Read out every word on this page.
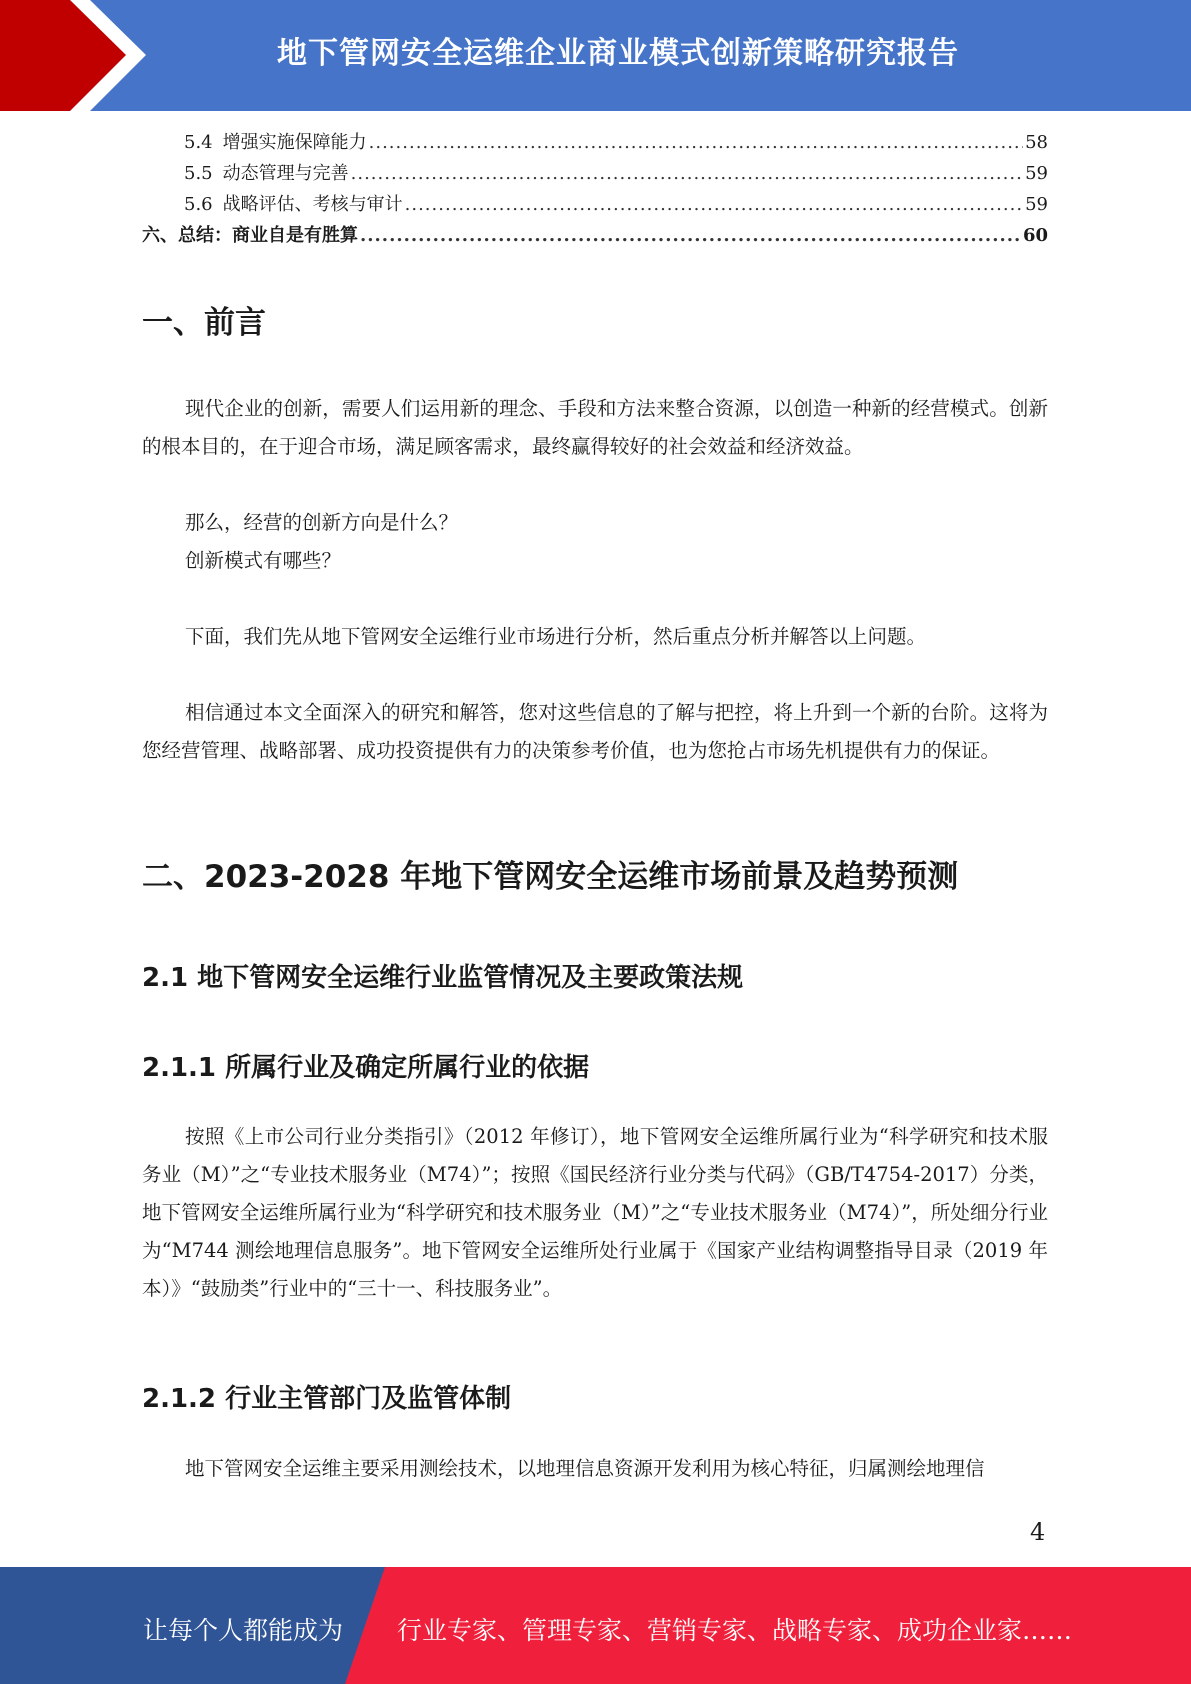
地下管网安全运维企业商业模式创新策略研究报告
5.4 增强实施保障能力 .....	58
5.5 动态管理与完善 .....	59
5.6 战略评估、考核与审计 .....	59
六、总结：商业自是有胜算 .....	60
一、前言
现代企业的创新，需要人们运用新的理念、手段和方法来整合资源，以创造一种新的经营模式。创新的根本目的，在于迎合市场，满足顾客需求，最终赢得较好的社会效益和经济效益。
那么，经营的创新方向是什么？
创新模式有哪些？
下面，我们先从地下管网安全运维行业市场进行分析，然后重点分析并解答以上问题。
相信通过本文全面深入的研究和解答，您对这些信息的了解与把控，将上升到一个新的台阶。这将为您经营管理、战略部署、成功投资提供有力的决策参考价值，也为您抢占市场先机提供有力的保证。
二、2023-2028 年地下管网安全运维市场前景及趋势预测
2.1 地下管网安全运维行业监管情况及主要政策法规
2.1.1 所属行业及确定所属行业的依据
按照《上市公司行业分类指引》（2012 年修订），地下管网安全运维所属行业为“科学研究和技术服务业（M）”之“专业技术服务业（M74）”；按照《国民经济行业分类与代码》（GB/T4754-2017）分类，地下管网安全运维所属行业为“科学研究和技术服务业（M）”之“专业技术服务业（M74）”，所处细分行业为“M744 测绘地理信息服务”。地下管网安全运维所处行业属于《国家产业结构调整指导目录（2019 年本）》“鼓励类”行业中的“三十一、科技服务业”。
2.1.2 行业主管部门及监管体制
地下管网安全运维主要采用测绘技术，以地理信息资源开发利用为核心特征，归属测绘地理信
4
让每个人都能成为 行业专家、管理专家、营销专家、战略专家、成功企业家……
